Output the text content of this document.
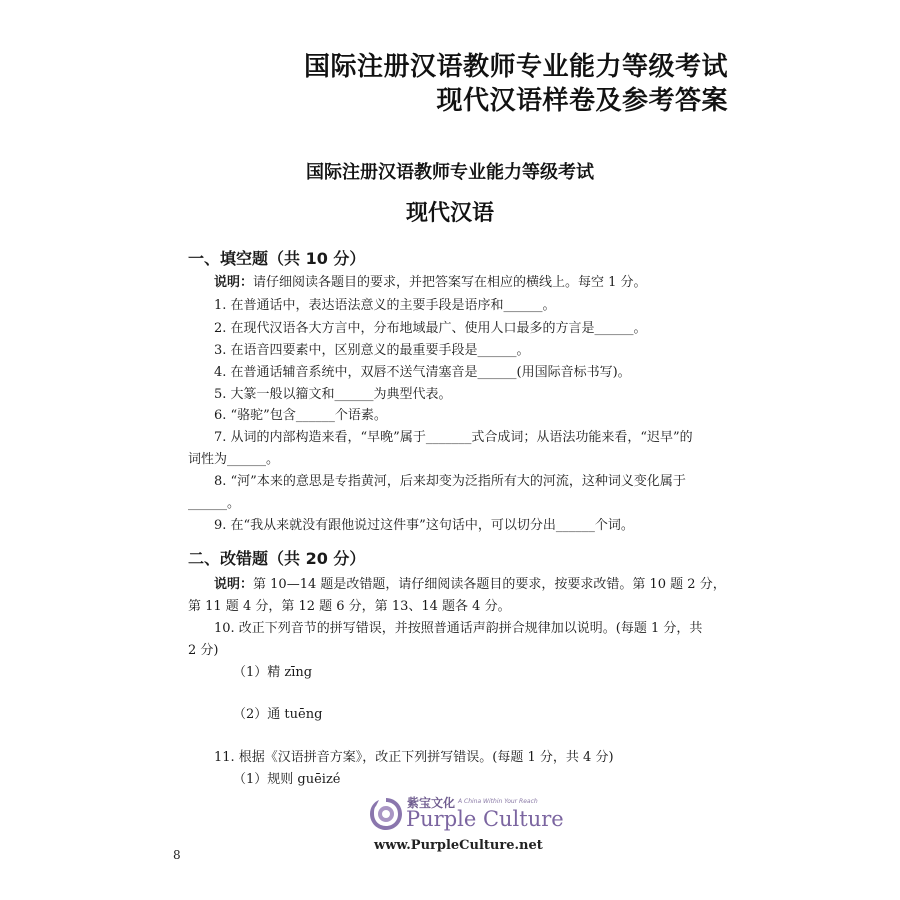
国际注册汉语教师专业能力等级考试
现代汉语样卷及参考答案
国际注册汉语教师专业能力等级考试
现代汉语
一、填空题（共 10 分）
说明：请仔细阅读各题目的要求，并把答案写在相应的横线上。每空 1 分。
1. 在普通话中，表达语法意义的主要手段是语序和______。
2. 在现代汉语各大方言中，分布地域最广、使用人口最多的方言是______。
3. 在语音四要素中，区别意义的最重要手段是______。
4. 在普通话辅音系统中，双唇不送气清塞音是______(用国际音标书写)。
5. 大篆一般以籀文和______为典型代表。
6. “骆驼”包含______个语素。
7. 从词的内部构造来看，“早晚”属于_______式合成词；从语法功能来看，“迟早”的
词性为______。
8. “河”本来的意思是专指黄河，后来却变为泛指所有大的河流，这种词义变化属于
______。
9. 在“我从来就没有跟他说过这件事”这句话中，可以切分出______个词。
二、改错题（共 20 分）
说明：第 10—14 题是改错题，请仔细阅读各题目的要求，按要求改错。第 10 题 2 分，
第 11 题 4 分，第 12 题 6 分，第 13、14 题各 4 分。
10. 改正下列音节的拼写错误，并按照普通话声韵拼合规律加以说明。(每题 1 分，共
2 分)
（1）精 zīng
（2）通 tuēng
11. 根据《汉语拼音方案》，改正下列拼写错误。(每题 1 分，共 4 分)
（1）规则 guēizé
紫宝文化 A China Within Your Reach
Purple Culture
www.PurpleCulture.net
8
